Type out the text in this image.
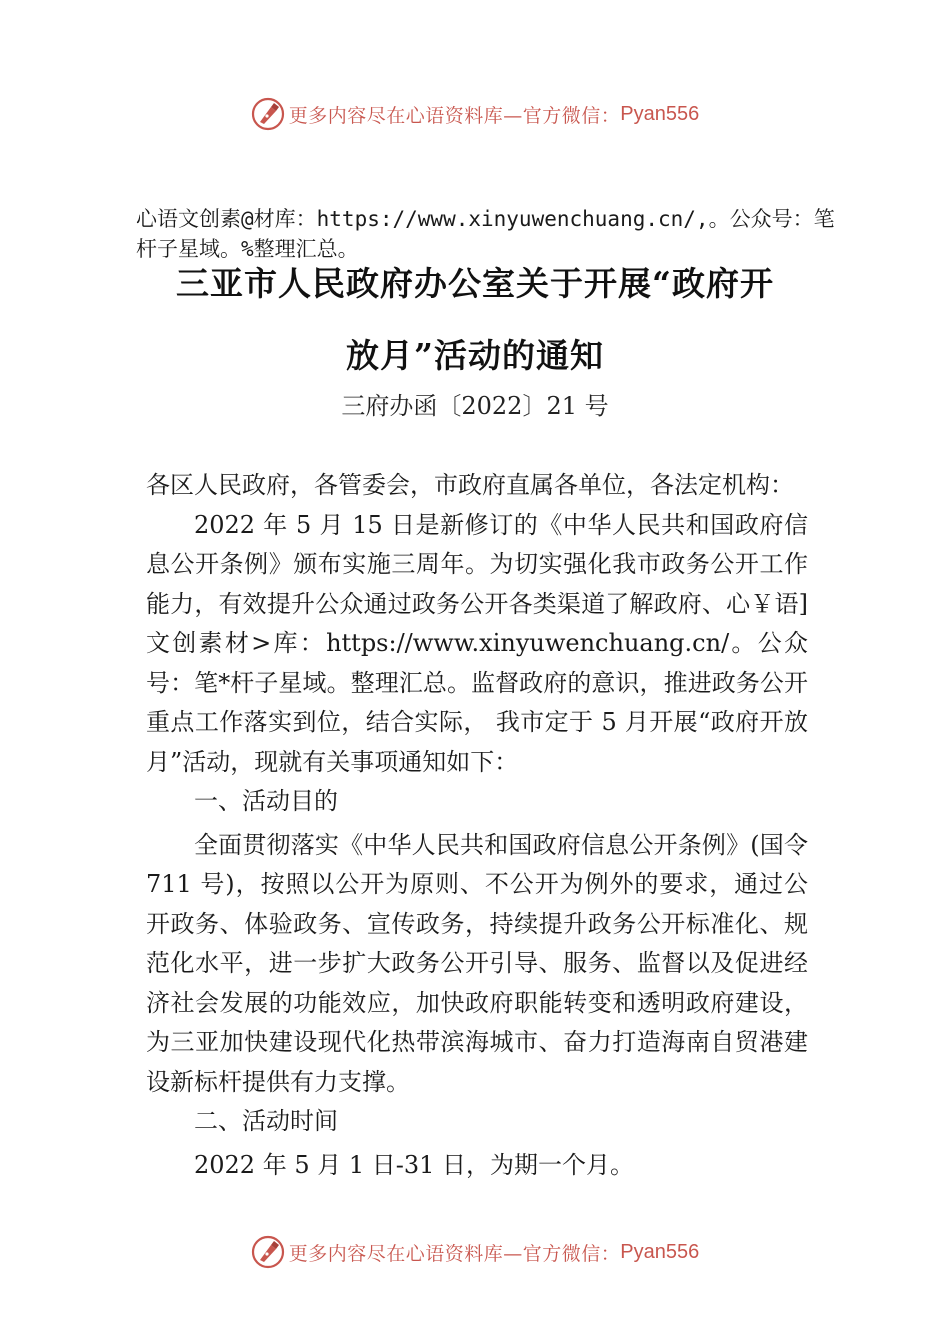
更多内容尽在心语资料库—官方微信： Pyan556
心语文创素@材库：https://www.xinyuwenchuang.cn/,。公众号：笔杆子星域。%整理汇总。
三亚市人民政府办公室关于开展“政府开
放月”活动的通知
三府办函〔2022〕21 号

各区人民政府，各管委会，市政府直属各单位，各法定机构：

2022 年 5 月 15 日是新修订的《中华人民共和国政府信息公开条例》颁布实施三周年。为切实强化我市政务公开工作能力，有效提升公众通过政务公开各类渠道了解政府、心￥语]文创素材>库：https://www.xinyuwenchuang.cn/。公众号：笔*杆子星域。整理汇总。监督政府的意识，推进政务公开重点工作落实到位，结合实际， 我市定于 5 月开展“政府开放月”活动，现就有关事项通知如下：

一、活动目的

全面贯彻落实《中华人民共和国政府信息公开条例》(国令 711 号)，按照以公开为原则、不公开为例外的要求，通过公开政务、体验政务、宣传政务，持续提升政务公开标准化、规范化水平，进一步扩大政务公开引导、服务、监督以及促进经济社会发展的功能效应，加快政府职能转变和透明政府建设，为三亚加快建设现代化热带滨海城市、奋力打造海南自贸港建设新标杆提供有力支撑。

二、活动时间

2022 年 5 月 1 日-31 日，为期一个月。

更多内容尽在心语资料库—官方微信： Pyan556
